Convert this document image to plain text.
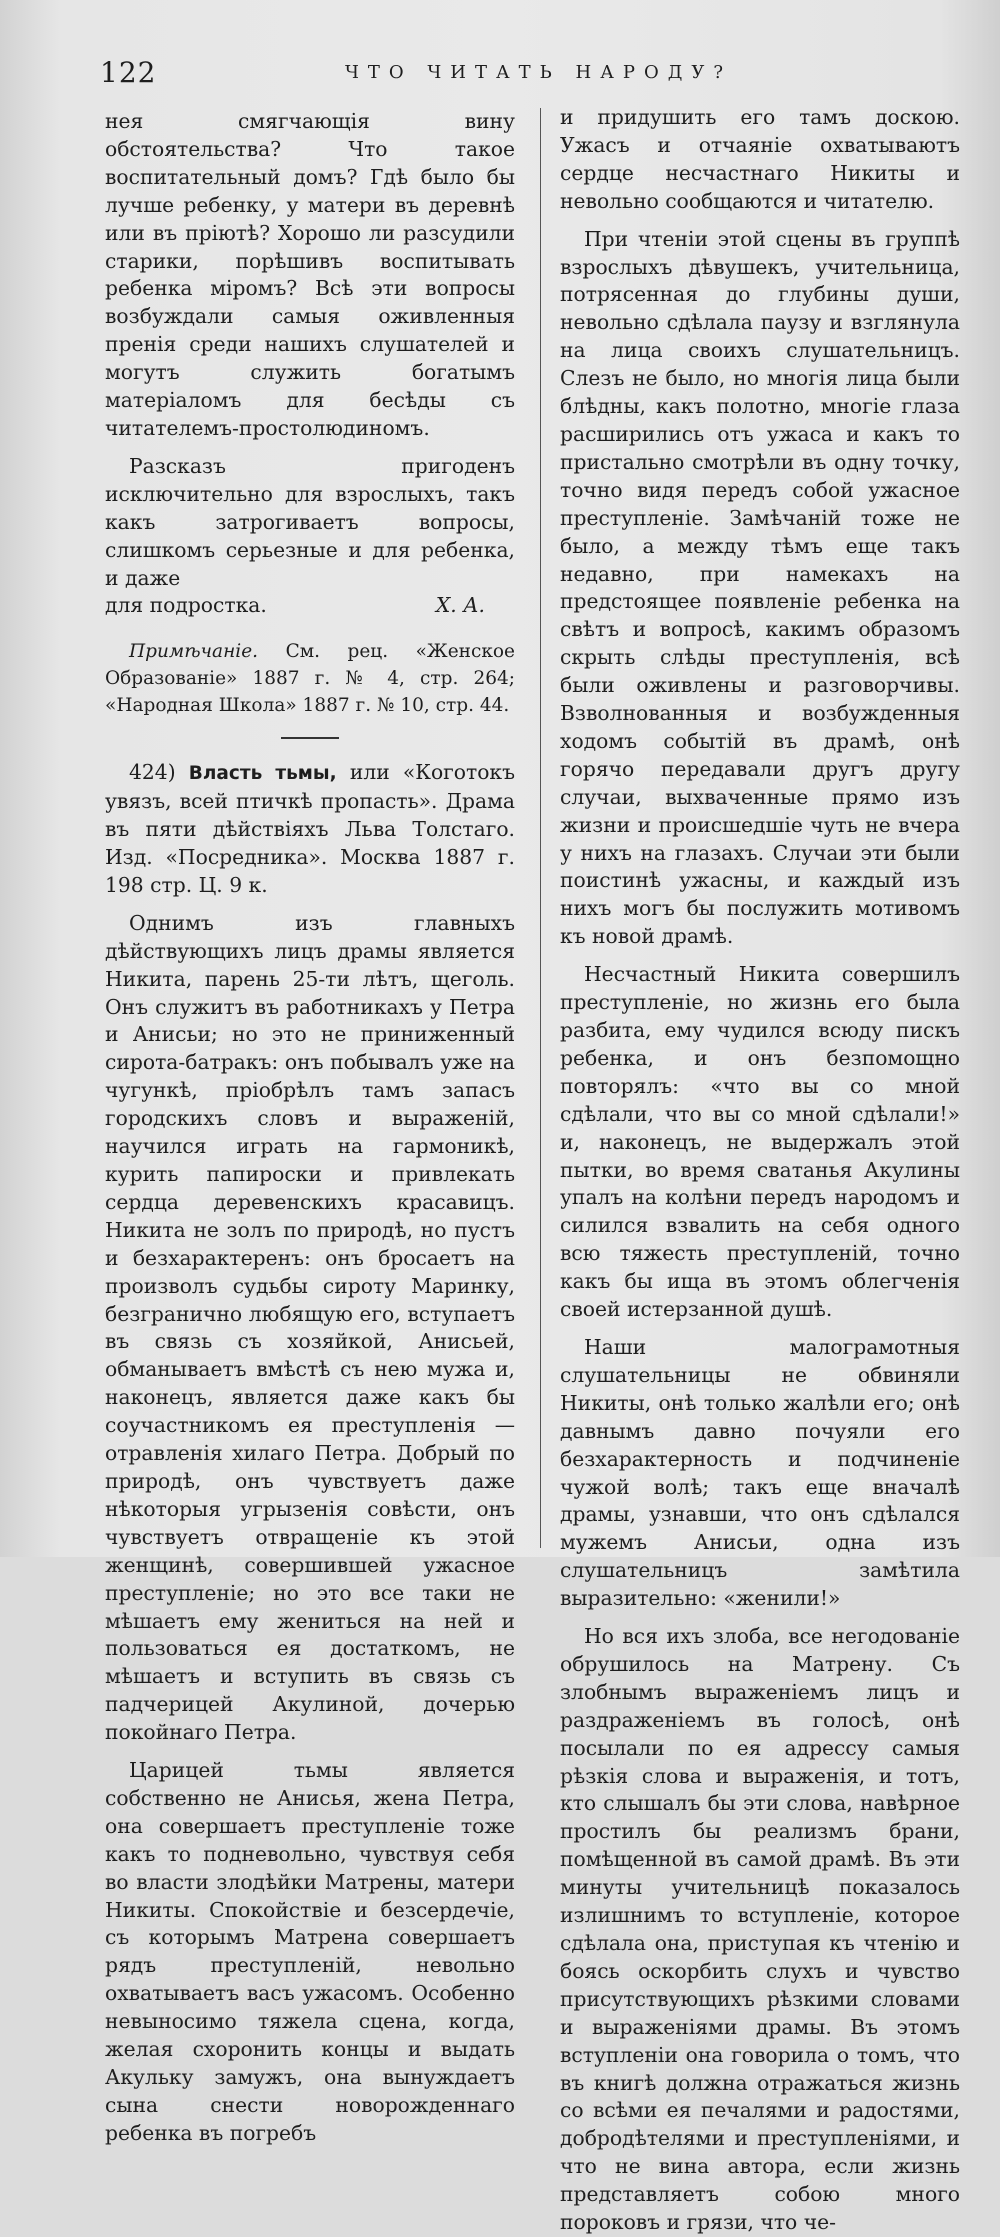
122	ЧТО ЧИТАТЬ НАРОДУ?

нея смягчающія вину обстоятельства? Что такое воспитательный домъ? Гдѣ было бы лучше ребенку, у матери въ деревнѣ или въ пріютѣ? Хорошо ли разсудили старики, порѣшивъ воспитывать ребенка міромъ? Всѣ эти вопросы возбуждали самыя оживленныя пренія среди нашихъ слушателей и могутъ служить богатымъ матеріаломъ для бесѣды съ читателемъ-простолюдиномъ.

Разсказъ пригоденъ исключительно для взрослыхъ, такъ какъ затрогиваетъ вопросы, слишкомъ серьезные и для ребенка, и даже

для подростка.	Х. А.

Примѣчаніе. См. рец. «Женское Образованіе» 1887 г. № 4, стр. 264; «Народная Школа» 1887 г. № 10, стр. 44.

424) Власть тьмы, или «Коготокъ увязъ, всей птичкѣ пропасть». Драма въ пяти дѣйствіяхъ Льва Толстаго. Изд. «Посредника». Москва 1887 г. 198 стр. Ц. 9 к.

Однимъ изъ главныхъ дѣйствующихъ лицъ драмы является Никита, парень 25-ти лѣтъ, щеголь. Онъ служитъ въ работникахъ у Петра и Анисьи; но это не приниженный сирота-батракъ: онъ побывалъ уже на чугункѣ, пріобрѣлъ тамъ запасъ городскихъ словъ и выраженій, научился играть на гармоникѣ, курить папироски и привлекать сердца деревенскихъ красавицъ. Никита не золъ по природѣ, но пустъ и безхарактеренъ: онъ бросаетъ на произволъ судьбы сироту Маринку, безгранично любящую его, вступаетъ въ связь съ хозяйкой, Анисьей, обманываетъ вмѣстѣ съ нею мужа и, наконецъ, является даже какъ бы соучастникомъ ея преступленія — отравленія хилаго Петра. Добрый по природѣ, онъ чувствуетъ даже нѣкоторыя угрызенія совѣсти, онъ чувствуетъ отвращеніе къ этой женщинѣ, совершившей ужасное преступленіе; но это все таки не мѣшаетъ ему жениться на ней и пользоваться ея достаткомъ, не мѣшаетъ и вступить въ связь съ падчерицей Акулиной, дочерью покойнаго Петра.

Царицей тьмы является собственно не Анисья, жена Петра, она совершаетъ преступленіе тоже какъ то подневольно, чувствуя себя во власти злодѣйки Матрены, матери Никиты. Спокойствіе и безсердечіе, съ которымъ Матрена совершаетъ рядъ преступленій, невольно охватываетъ васъ ужасомъ. Особенно невыносимо тяжела сцена, когда, желая схоронить концы и выдать Акульку замужъ, она вынуждаетъ сына снести новорожденнаго ребенка въ погребъ

и придушить его тамъ доскою. Ужасъ и отчаяніе охватываютъ сердце несчастнаго Никиты и невольно сообщаются и читателю.

При чтеніи этой сцены въ группѣ взрослыхъ дѣвушекъ, учительница, потрясенная до глубины души, невольно сдѣлала паузу и взглянула на лица своихъ слушательницъ. Слезъ не было, но многія лица были блѣдны, какъ полотно, многіе глаза расширились отъ ужаса и какъ то пристально смотрѣли въ одну точку, точно видя передъ собой ужасное преступленіе. Замѣчаній тоже не было, а между тѣмъ еще такъ недавно, при намекахъ на предстоящее появленіе ребенка на свѣтъ и вопросѣ, какимъ образомъ скрыть слѣды преступленія, всѣ были оживлены и разговорчивы. Взволнованныя и возбужденныя ходомъ событій въ драмѣ, онѣ горячо передавали другъ другу случаи, выхваченные прямо изъ жизни и происшедшіе чуть не вчера у нихъ на глазахъ. Случаи эти были поистинѣ ужасны, и каждый изъ нихъ могъ бы послужить мотивомъ къ новой драмѣ.

Несчастный Никита совершилъ преступленіе, но жизнь его была разбита, ему чудился всюду пискъ ребенка, и онъ безпомощно повторялъ: «что вы со мной сдѣлали, что вы со мной сдѣлали!» и, наконецъ, не выдержалъ этой пытки, во время сватанья Акулины упалъ на колѣни передъ народомъ и силился взвалить на себя одного всю тяжесть преступленій, точно какъ бы ища въ этомъ облегченія своей истерзанной душѣ.

Наши малограмотныя слушательницы не обвиняли Никиты, онѣ только жалѣли его; онѣ давнымъ давно почуяли его безхарактерность и подчиненіе чужой волѣ; такъ еще вначалѣ драмы, узнавши, что онъ сдѣлался мужемъ Анисьи, одна изъ слушательницъ замѣтила выразительно: «женили!»

Но вся ихъ злоба, все негодованіе обрушилось на Матрену. Съ злобнымъ выраженіемъ лицъ и раздраженіемъ въ голосѣ, онѣ посылали по ея адрессу самыя рѣзкія слова и выраженія, и тотъ, кто слышалъ бы эти слова, навѣрное простилъ бы реализмъ брани, помѣщенной въ самой драмѣ. Въ эти минуты учительницѣ показалось излишнимъ то вступленіе, которое сдѣлала она, приступая къ чтенію и боясь оскорбить слухъ и чувство присутствующихъ рѣзкими словами и выраженіями драмы. Въ этомъ вступленіи она говорила о томъ, что въ книгѣ должна отражаться жизнь со всѣми ея печалями и радостями, добродѣтелями и преступленіями, и что не вина автора, если жизнь представляетъ собою много пороковъ и грязи, что че-
